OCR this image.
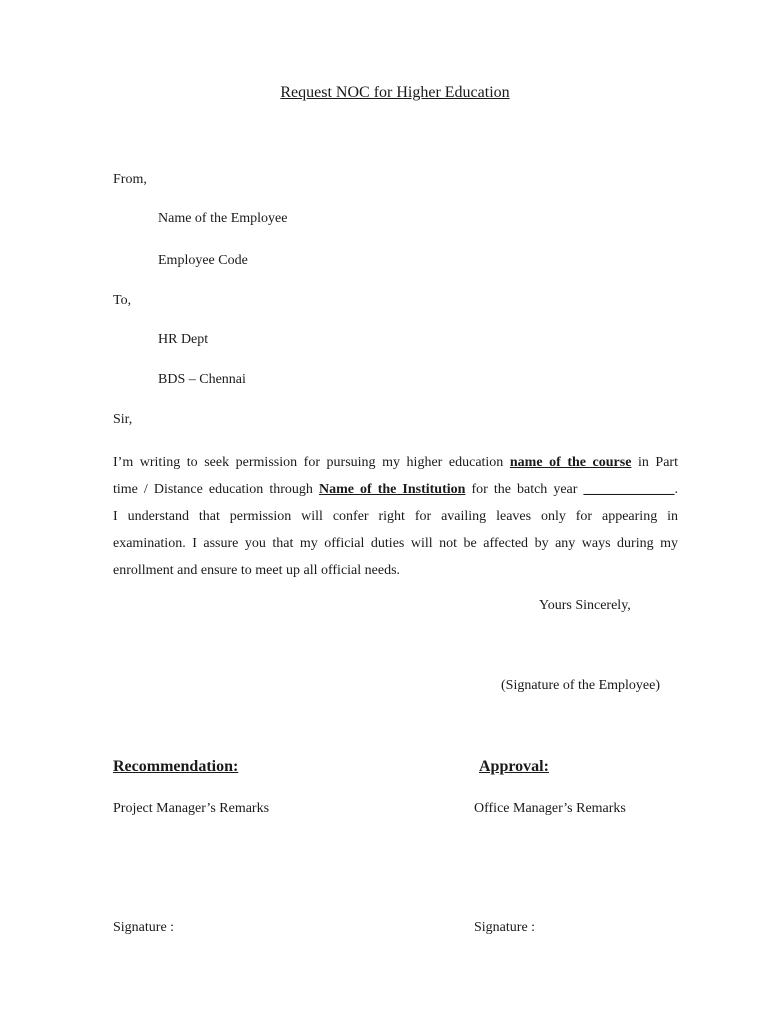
Request NOC for Higher Education
From,
Name of the Employee
Employee Code
To,
HR Dept
BDS – Chennai
Sir,
I’m writing to seek permission for pursuing my higher education name of the course in Part
time / Distance education through Name of the Institution for the batch year _____________.
I understand that permission will confer right for availing leaves only for appearing in
examination. I assure you that my official duties will not be affected by any ways during my
enrollment and ensure to meet up all official needs.
Yours Sincerely,
(Signature of the Employee)
Recommendation:	Approval:
Project Manager’s Remarks	Office Manager’s Remarks
Signature :	Signature :
